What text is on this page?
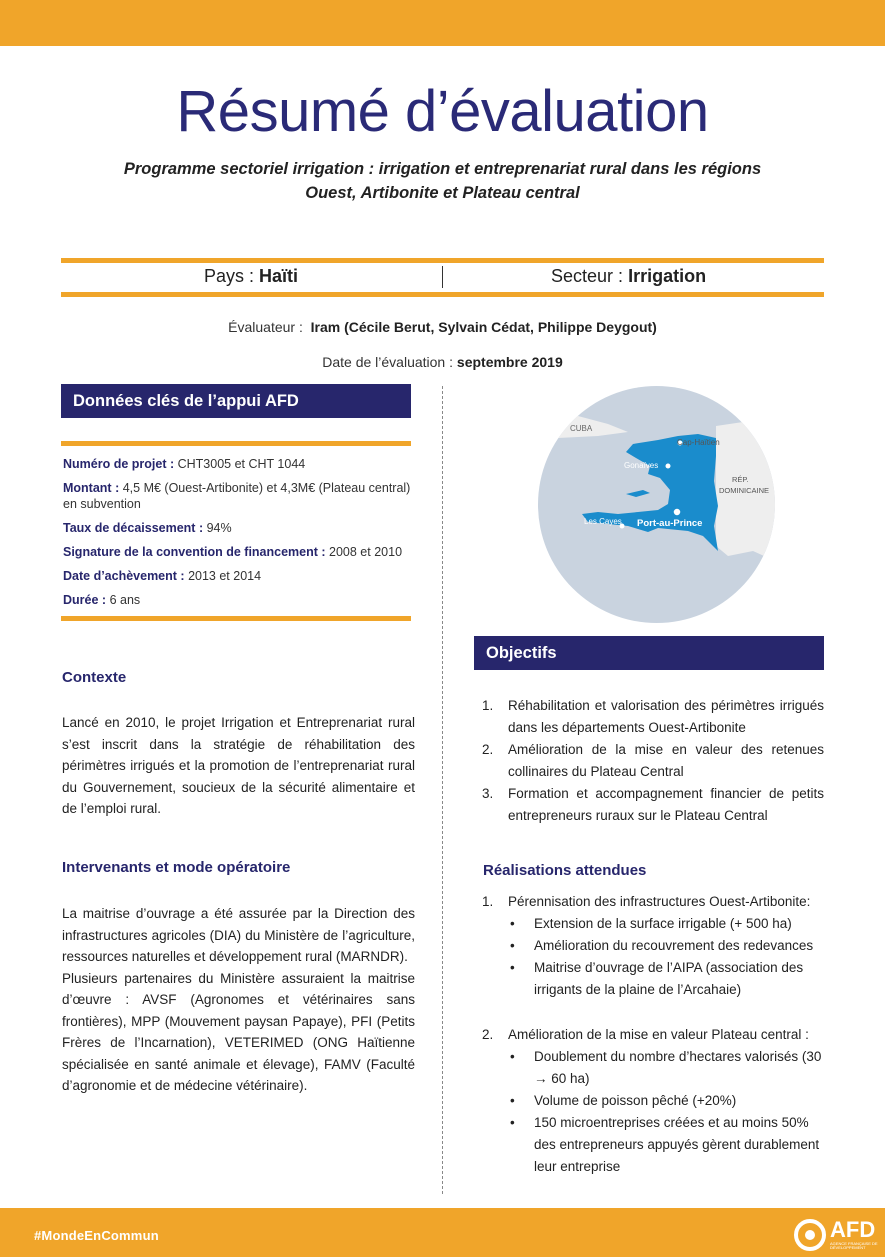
Résumé d’évaluation
Programme sectoriel irrigation : irrigation et entreprenariat rural dans les régions
Ouest, Artibonite et Plateau central
Pays : Haïti	Secteur : Irrigation
Évaluateur : Iram (Cécile Berut, Sylvain Cédat, Philippe Deygout)
Date de l’évaluation : septembre 2019
Données clés de l’appui AFD
Numéro de projet : CHT3005 et CHT 1044
Montant : 4,5 M€ (Ouest-Artibonite) et 4,3M€ (Plateau central) en subvention
Taux de décaissement : 94%
Signature de la convention de financement : 2008 et 2010
Date d’achèvement : 2013 et 2014
Durée : 6 ans
Contexte
Lancé en 2010, le projet Irrigation et Entreprenariat rural s’est inscrit dans la stratégie de réhabilitation des périmètres irrigués et la promotion de l’entreprenariat rural du Gouvernement, soucieux de la sécurité alimentaire et de l’emploi rural.
Intervenants et mode opératoire
La maitrise d’ouvrage a été assurée par la Direction des infrastructures agricoles (DIA) du Ministère de l’agriculture, ressources naturelles et développement rural (MARNDR).
Plusieurs partenaires du Ministère assuraient la maitrise d’œuvre : AVSF (Agronomes et vétérinaires sans frontières), MPP (Mouvement paysan Papaye), PFI (Petits Frères de l’Incarnation), VETERIMED (ONG Haïtienne spécialisée en santé animale et élevage), FAMV (Faculté d’agronomie et de médecine vétérinaire).
CUBA
Cap-Haïtien
Gonaïves
RÉP.
DOMINICAINE
Les Cayes Port-au-Prince
Objectifs
1. Réhabilitation et valorisation des périmètres irrigués dans les départements Ouest-Artibonite
2. Amélioration de la mise en valeur des retenues collinaires du Plateau Central
3. Formation et accompagnement financier de petits entrepreneurs ruraux sur le Plateau Central
Réalisations attendues
1. Pérennisation des infrastructures Ouest-Artibonite:
• Extension de la surface irrigable (+ 500 ha)
• Amélioration du recouvrement des redevances
• Maitrise d’ouvrage de l’AIPA (association des irrigants de la plaine de l’Arcahaie)
2. Amélioration de la mise en valeur Plateau central :
• Doublement du nombre d’hectares valorisés (30 → 60 ha)
• Volume de poisson pêché (+20%)
• 150 microentreprises créées et au moins 50% des entrepreneurs appuyés gèrent durablement leur entreprise
#MondeEnCommun	AFD
AGENCE FRANÇAISE DE DÉVELOPPEMENT
